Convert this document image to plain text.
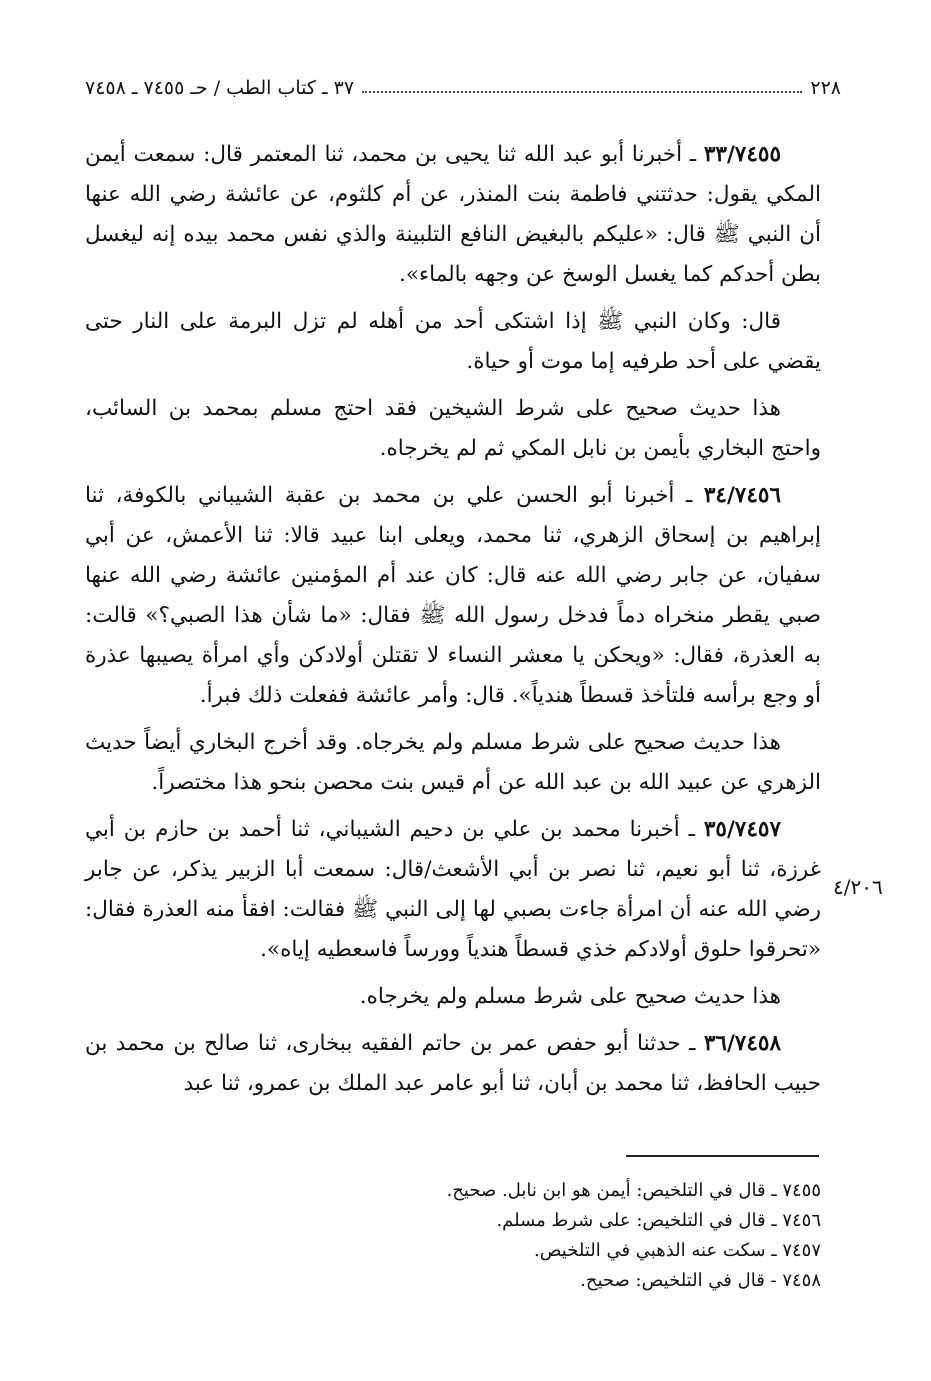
٢٢٨
٣٧ ـ كتاب الطب / حـ ٧٤٥٥ ـ ٧٤٥٨

٣٣/٧٤٥٥ ـ أخبرنا أبو عبد الله ثنا يحيى بن محمد، ثنا المعتمر قال: سمعت أيمن المكي يقول: حدثتني فاطمة بنت المنذر، عن أم كلثوم، عن عائشة رضي الله عنها أن النبي ﷺ قال: «عليكم بالبغيض النافع التلبينة والذي نفس محمد بيده إنه ليغسل بطن أحدكم كما يغسل الوسخ عن وجهه بالماء».

قال: وكان النبي ﷺ إذا اشتكى أحد من أهله لم تزل البرمة على النار حتى يقضي على أحد طرفيه إما موت أو حياة.

هذا حديث صحيح على شرط الشيخين فقد احتج مسلم بمحمد بن السائب، واحتج البخاري بأيمن بن نابل المكي ثم لم يخرجاه.

٣٤/٧٤٥٦ ـ أخبرنا أبو الحسن علي بن محمد بن عقبة الشيباني بالكوفة، ثنا إبراهيم بن إسحاق الزهري، ثنا محمد، ويعلى ابنا عبيد قالا: ثنا الأعمش، عن أبي سفيان، عن جابر رضي الله عنه قال: كان عند أم المؤمنين عائشة رضي الله عنها صبي يقطر منخراه دماً فدخل رسول الله ﷺ فقال: «ما شأن هذا الصبي؟» قالت: به العذرة، فقال: «ويحكن يا معشر النساء لا تقتلن أولادكن وأي امرأة يصيبها عذرة أو وجع برأسه فلتأخذ قسطاً هندياً». قال: وأمر عائشة ففعلت ذلك فبرأ.

هذا حديث صحيح على شرط مسلم ولم يخرجاه. وقد أخرج البخاري أيضاً حديث الزهري عن عبيد الله بن عبد الله عن أم قيس بنت محصن بنحو هذا مختصراً.

٣٥/٧٤٥٧ ـ أخبرنا محمد بن علي بن دحيم الشيباني، ثنا أحمد بن حازم بن أبي غرزة، ثنا أبو نعيم، ثنا نصر بن أبي الأشعث/قال: سمعت أبا الزبير يذكر، عن جابر رضي الله عنه أن امرأة جاءت بصبي لها إلى النبي ﷺ فقالت: افقأ منه العذرة فقال: «تحرقوا حلوق أولادكم خذي قسطاً هندياً وورساً فاسعطيه إياه».

هذا حديث صحيح على شرط مسلم ولم يخرجاه.

٣٦/٧٤٥٨ ـ حدثنا أبو حفص عمر بن حاتم الفقيه ببخارى، ثنا صالح بن محمد بن حبيب الحافظ، ثنا محمد بن أبان، ثنا أبو عامر عبد الملك بن عمرو، ثنا عبد

٤/٢٠٦
٧٤٥٥ ـ قال في التلخيص: أيمن هو ابن نابل. صحيح.
٧٤٥٦ ـ قال في التلخيص: على شرط مسلم.
٧٤٥٧ ـ سكت عنه الذهبي في التلخيص.
٧٤٥٨ - قال في التلخيص: صحيح.
